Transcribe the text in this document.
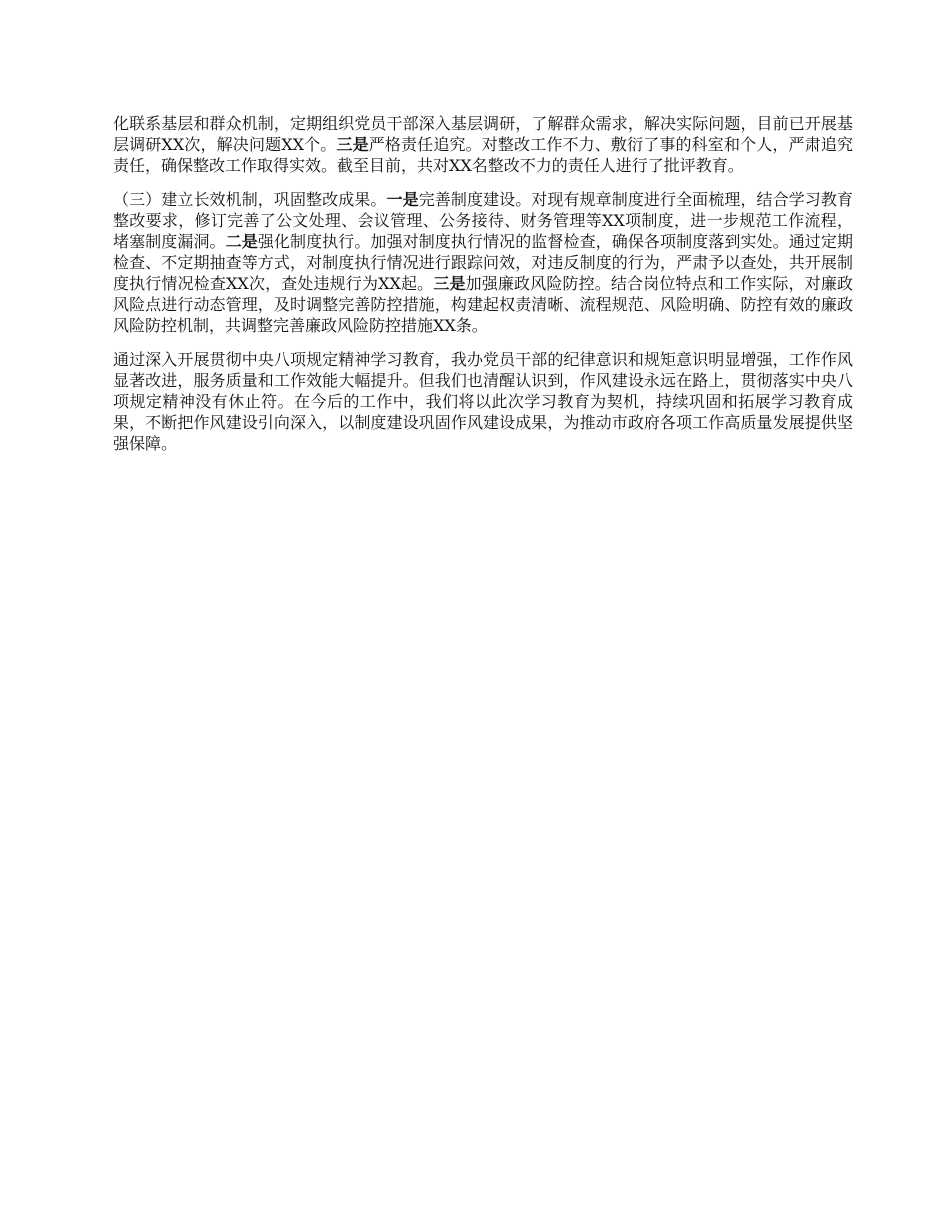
化联系基层和群众机制，定期组织党员干部深入基层调研，了解群众需求，解决实际问题，目前已开展基层调研XX次，解决问题XX个。三是严格责任追究。对整改工作不力、敷衍了事的科室和个人，严肃追究责任，确保整改工作取得实效。截至目前，共对XX名整改不力的责任人进行了批评教育。

（三）建立长效机制，巩固整改成果。一是完善制度建设。对现有规章制度进行全面梳理，结合学习教育整改要求，修订完善了公文处理、会议管理、公务接待、财务管理等XX项制度，进一步规范工作流程，堵塞制度漏洞。二是强化制度执行。加强对制度执行情况的监督检查，确保各项制度落到实处。通过定期检查、不定期抽查等方式，对制度执行情况进行跟踪问效，对违反制度的行为，严肃予以查处，共开展制度执行情况检查XX次，查处违规行为XX起。三是加强廉政风险防控。结合岗位特点和工作实际，对廉政风险点进行动态管理，及时调整完善防控措施，构建起权责清晰、流程规范、风险明确、防控有效的廉政风险防控机制，共调整完善廉政风险防控措施XX条。

通过深入开展贯彻中央八项规定精神学习教育，我办党员干部的纪律意识和规矩意识明显增强，工作作风显著改进，服务质量和工作效能大幅提升。但我们也清醒认识到，作风建设永远在路上，贯彻落实中央八项规定精神没有休止符。在今后的工作中，我们将以此次学习教育为契机，持续巩固和拓展学习教育成果，不断把作风建设引向深入，以制度建设巩固作风建设成果，为推动市政府各项工作高质量发展提供坚强保障。
